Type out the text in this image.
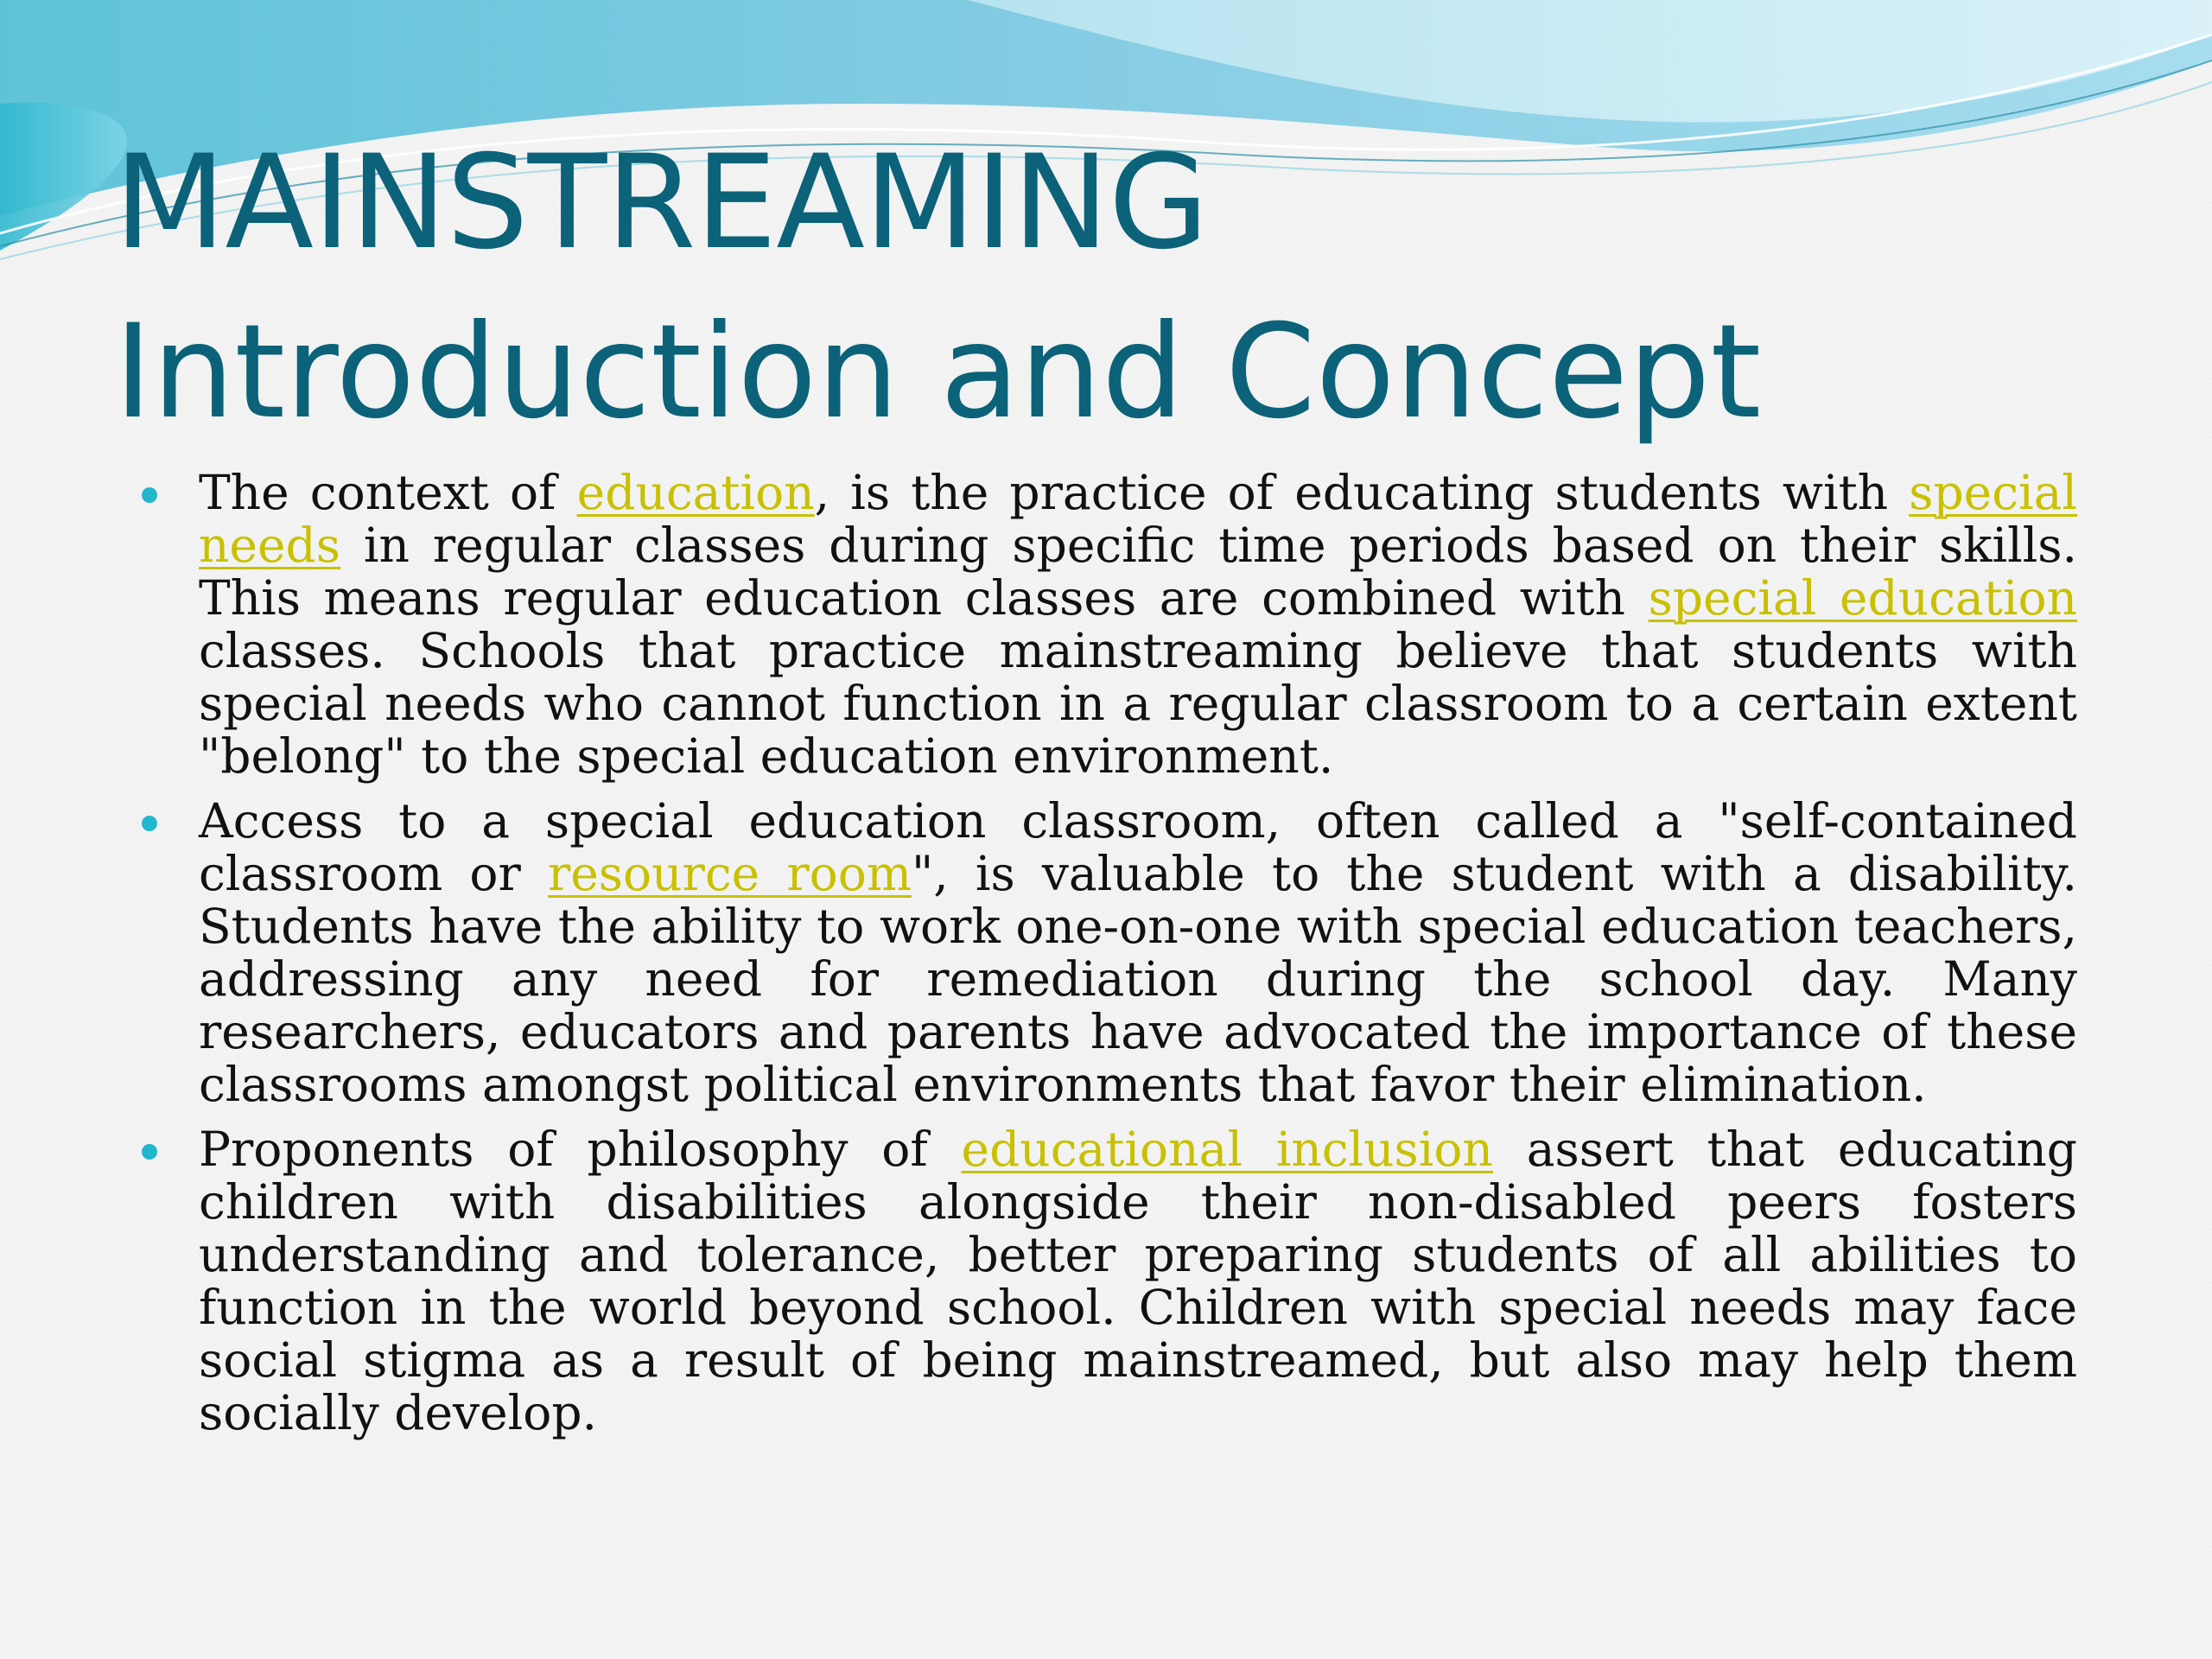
MAINSTREAMING
Introduction and Concept
The context of education, is the practice of educating students with special needs in regular classes during specific time periods based on their skills. This means regular education classes are combined with special education classes. Schools that practice mainstreaming believe that students with special needs who cannot function in a regular classroom to a certain extent "belong" to the special education environment.
Access to a special education classroom, often called a "self-contained classroom or resource room", is valuable to the student with a disability. Students have the ability to work one-on-one with special education teachers, addressing any need for remediation during the school day. Many researchers, educators and parents have advocated the importance of these classrooms amongst political environments that favor their elimination.
Proponents of philosophy of educational inclusion assert that educating children with disabilities alongside their non-disabled peers fosters understanding and tolerance, better preparing students of all abilities to function in the world beyond school. Children with special needs may face social stigma as a result of being mainstreamed, but also may help them socially develop.
